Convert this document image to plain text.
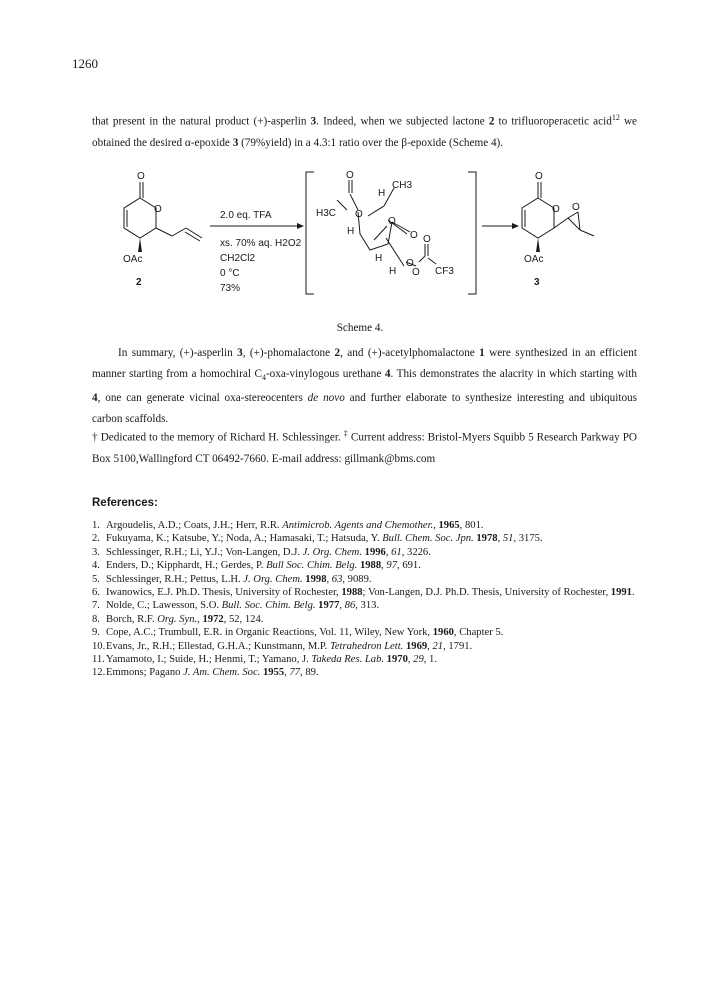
1260

that present in the natural product (+)-asperlin 3. Indeed, when we subjected lactone 2 to trifluoroperacetic acid$^{12}$ we obtained the desired α-epoxide 3 (79%yield) in a 4.3:1 ratio over the β-epoxide (Scheme 4).

O
O
OAc
2
2.0 eq. TFA
xs. 70% aq. H2O2
CH2Cl2
0 °C
73%
H3C
O
O
H
CH3
H
O
O
H
H
O
O
O
CF3
O
O O
OAc
3
Scheme 4.

In summary, (+)-asperlin 3, (+)-phomalactone 2, and (+)-acetylphomalactone 1 were synthesized in an efficient manner starting from a homochiral $C_4-oxa$-vinylogous urethane 4. This demonstrates the alacrity in which starting with 4, one can generate vicinal oxa-stereocenters de novo and further elaborate to synthesize interesting and ubiquitous carbon scaffolds.

† Dedicated to the memory of Richard H. Schlessinger. ‡ Current address: Bristol-Myers Squibb 5 Research Parkway PO Box 5100,Wallingford CT 06492-7660. E-mail address: gillmank@bms.com

References:
1. Argoudelis, A.D.; Coats, J.H.; Herr, R.R. Antimicrob. Agents and Chemother., 1965, 801.
2. Fukuyama, K.; Katsube, Y.; Noda, A.; Hamasaki, T.; Hatsuda, Y. Bull. Chem. Soc. Jpn. 1978, 51, 3175.
3. Schlessinger, R.H.; Li, Y.J.; Von-Langen, D.J. J. Org. Chem. 1996, 61, 3226.
4. Enders, D.; Kipphardt, H.; Gerdes, P. Bull Soc. Chim. Belg. 1988, 97, 691.
5. Schlessinger, R.H.; Pettus, L.H. J. Org. Chem. 1998, 63, 9089.
6. Iwanowics, E.J. Ph.D. Thesis, University of Rochester, 1988; Von-Langen, D.J. Ph.D. Thesis, University of Rochester, 1991.
7. Nolde, C.; Lawesson, S.O. Bull. Soc. Chim. Belg. 1977, 86, 313.
8. Borch, R.F. Org. Syn., 1972, 52, 124.
9. Cope, A.C.; Trumbull, E.R. in Organic Reactions, Vol. 11, Wiley, New York, 1960, Chapter 5.
10.Evans, Jr., R.H.; Ellestad, G.H.A.; Kunstmann, M.P. Tetrahedron Lett. 1969, 21, 1791.
11.Yamamoto, I.; Suide, H.; Henmi, T.; Yamano, J. Takeda Res. Lab. 1970, 29, 1.
12.Emmons; Pagano J. Am. Chem. Soc. 1955, 77, 89.
